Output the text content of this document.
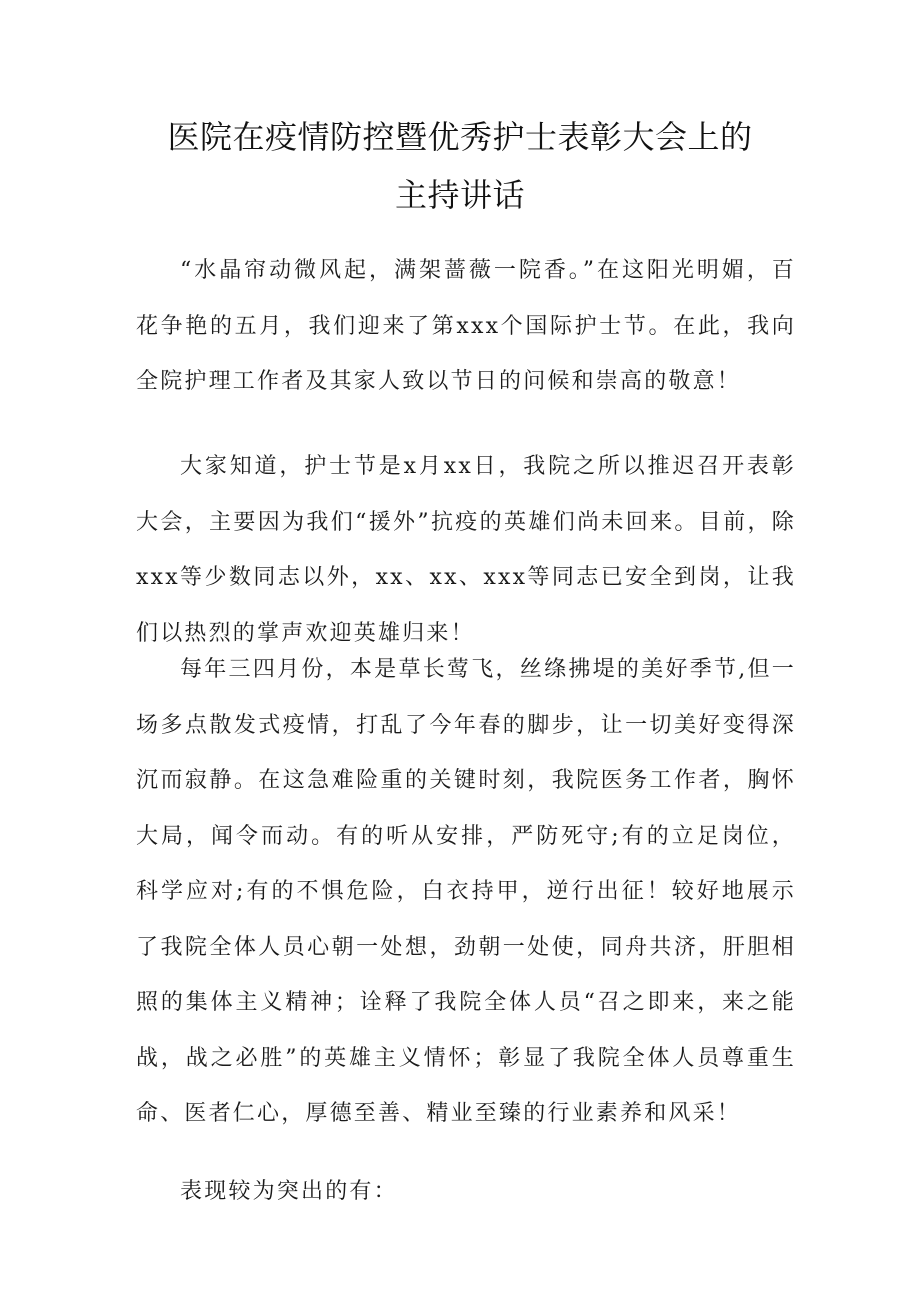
医院在疫情防控暨优秀护士表彰大会上的
主持讲话

“水晶帘动微风起，满架蔷薇一院香。”在这阳光明媚，百花争艳的五月，我们迎来了第xxx个国际护士节。在此，我向全院护理工作者及其家人致以节日的问候和崇高的敬意！

大家知道，护士节是x月xx日，我院之所以推迟召开表彰大会，主要因为我们“援外”抗疫的英雄们尚未回来。目前，除xxx等少数同志以外，xx、xx、xxx等同志已安全到岗，让我们以热烈的掌声欢迎英雄归来！

每年三四月份，本是草长莺飞，丝绦拂堤的美好季节,但一场多点散发式疫情，打乱了今年春的脚步，让一切美好变得深沉而寂静。在这急难险重的关键时刻，我院医务工作者，胸怀大局，闻令而动。有的听从安排，严防死守;有的立足岗位，科学应对;有的不惧危险，白衣持甲，逆行出征！较好地展示了我院全体人员心朝一处想，劲朝一处使，同舟共济，肝胆相照的集体主义精神；诠释了我院全体人员“召之即来，来之能战，战之必胜”的英雄主义情怀；彰显了我院全体人员尊重生命、医者仁心，厚德至善、精业至臻的行业素养和风采！

表现较为突出的有：
